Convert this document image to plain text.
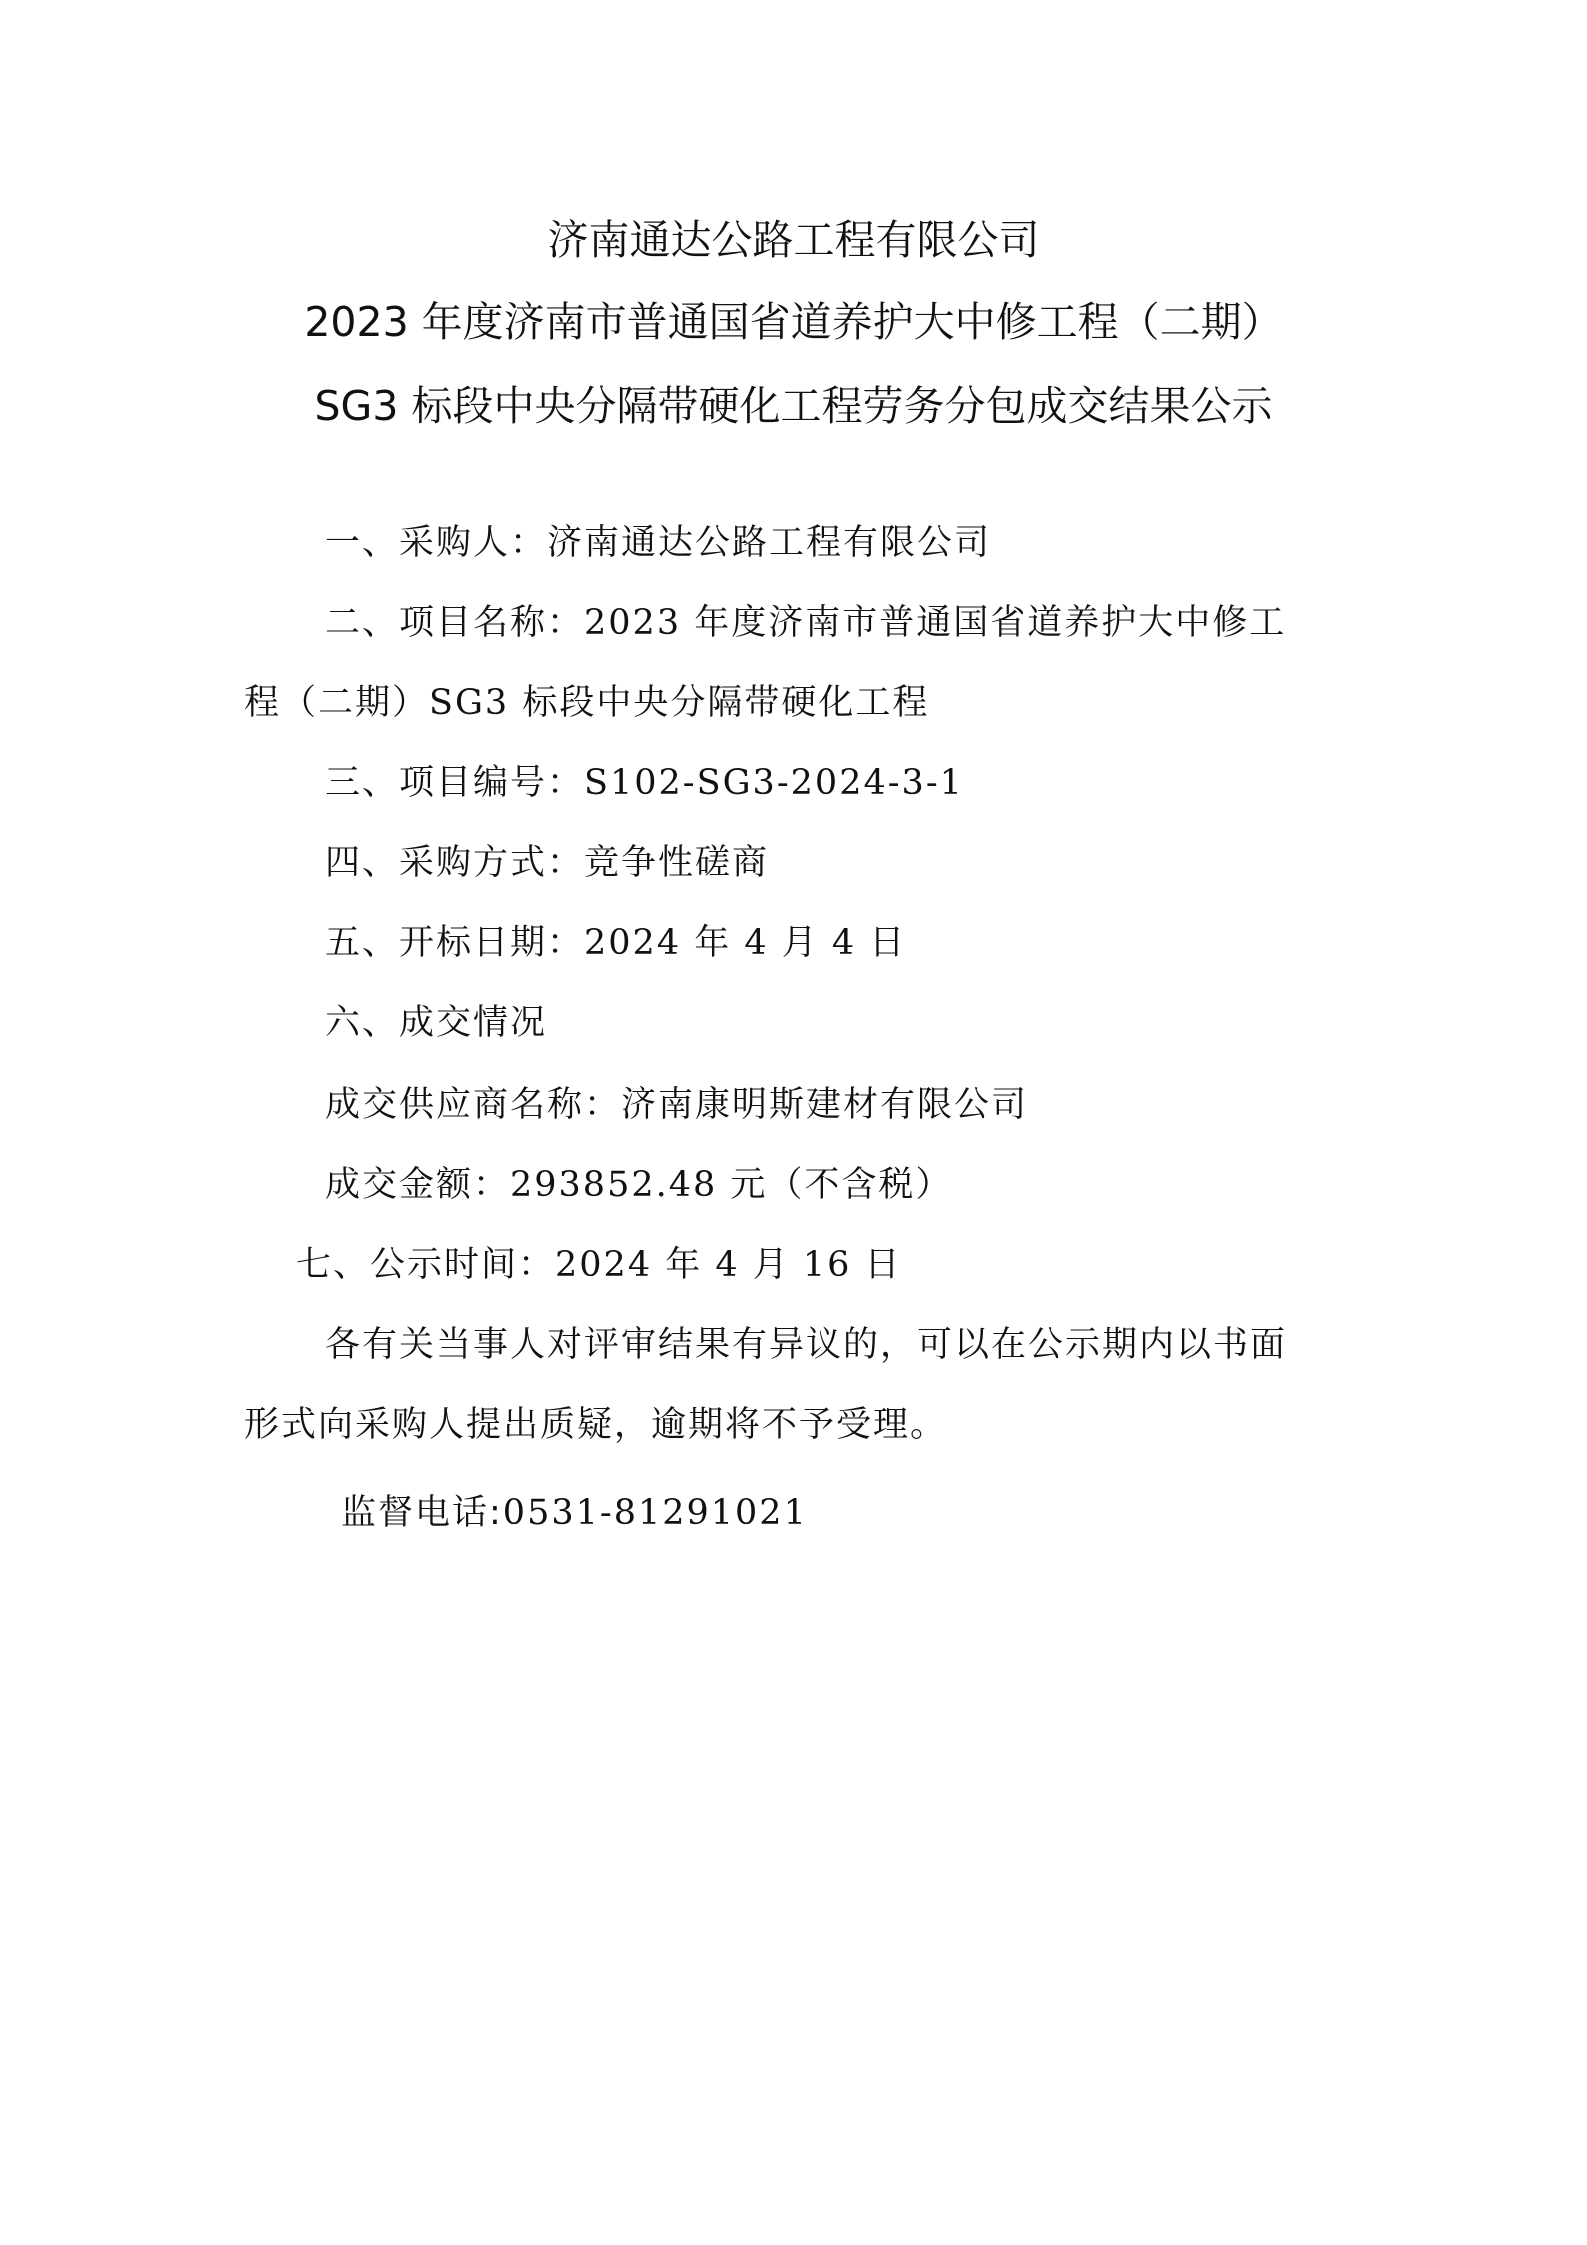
济南通达公路工程有限公司
2023 年度济南市普通国省道养护大中修工程（二期）
SG3 标段中央分隔带硬化工程劳务分包成交结果公示
一、采购人：济南通达公路工程有限公司
二、项目名称：2023 年度济南市普通国省道养护大中修工
程（二期）SG3 标段中央分隔带硬化工程
三、项目编号：S102-SG3-2024-3-1
四、采购方式：竞争性磋商
五、开标日期：2024 年 4 月 4 日
六、成交情况
成交供应商名称：济南康明斯建材有限公司
成交金额：293852.48 元（不含税）
七、公示时间：2024 年 4 月 16 日
各有关当事人对评审结果有异议的，可以在公示期内以书面
形式向采购人提出质疑，逾期将不予受理。
监督电话:0531-81291021
